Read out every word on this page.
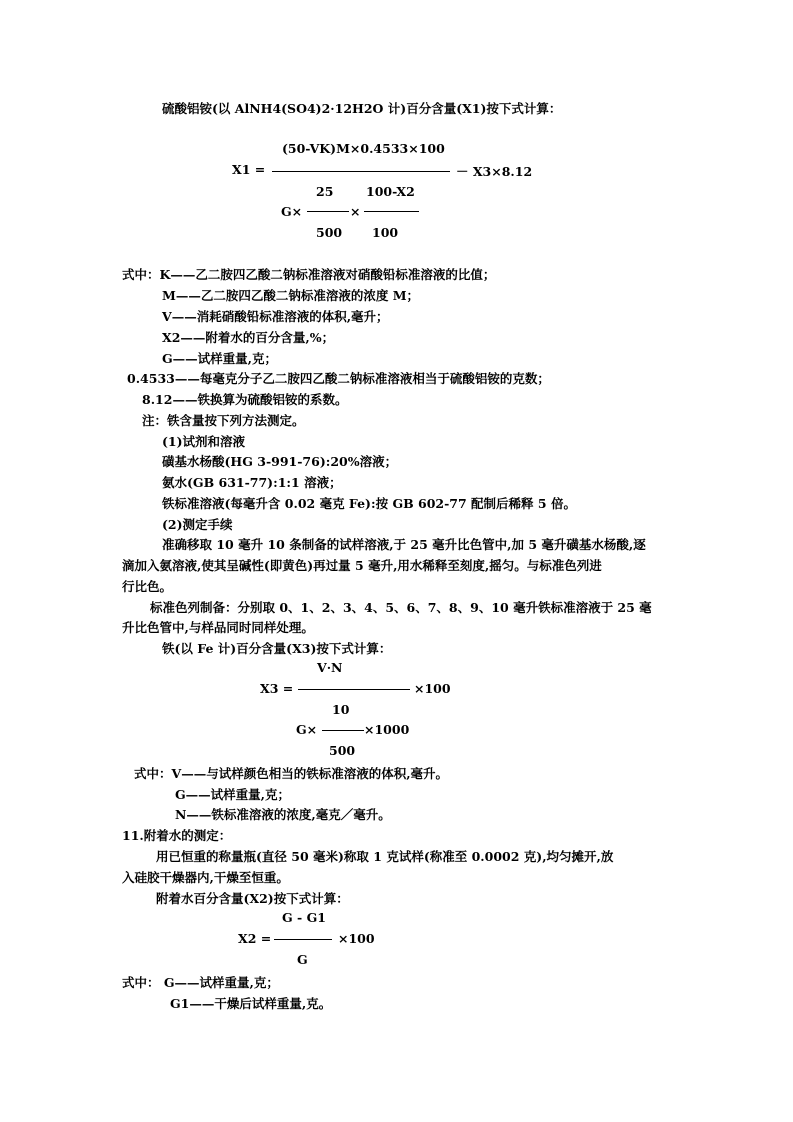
硫酸铝铵(以 AlNH4(SO4)2·12H2O 计)百分含量(X1)按下式计算：
(50-VK)M×0.4533×100
X1 =	－ X3×8.12
25	100-X2
G×	×
500 100
式中：K——乙二胺四乙酸二钠标准溶液对硝酸铅标准溶液的比值；
M——乙二胺四乙酸二钠标准溶液的浓度 M；
V——消耗硝酸铅标准溶液的体积,毫升；
X2——附着水的百分含量,%；
G——试样重量,克；
0.4533——每毫克分子乙二胺四乙酸二钠标准溶液相当于硫酸铝铵的克数；
8.12——铁换算为硫酸铝铵的系数。
注：铁含量按下列方法测定。
(1)试剂和溶液
磺基水杨酸(HG 3-991-76):20%溶液；
氨水(GB 631-77):1:1 溶液；
铁标准溶液(每毫升含 0.02 毫克 Fe):按 GB 602-77 配制后稀释 5 倍。
(2)测定手续
准确移取 10 毫升 10 条制备的试样溶液,于 25 毫升比色管中,加 5 毫升磺基水杨酸,逐
滴加入氨溶液,使其呈碱性(即黄色)再过量 5 毫升,用水稀释至刻度,摇匀。与标准色列进
行比色。
标准色列制备：分别取 0、1、2、3、4、5、6、7、8、9、10 毫升铁标准溶液于 25 毫
升比色管中,与样品同时同样处理。
铁(以 Fe 计)百分含量(X3)按下式计算：
V·N
X3 =	×100
10
G×	×1000
500
式中：V——与试样颜色相当的铁标准溶液的体积,毫升。
G——试样重量,克；
N——铁标准溶液的浓度,毫克／毫升。
11.附着水的测定：
用已恒重的称量瓶(直径 50 毫米)称取 1 克试样(称准至 0.0002 克),均匀摊开,放
入硅胶干燥器内,干燥至恒重。
附着水百分含量(X2)按下式计算：
G - G1
X2 =	×100
G
式中： G——试样重量,克；
G1——干燥后试样重量,克。
